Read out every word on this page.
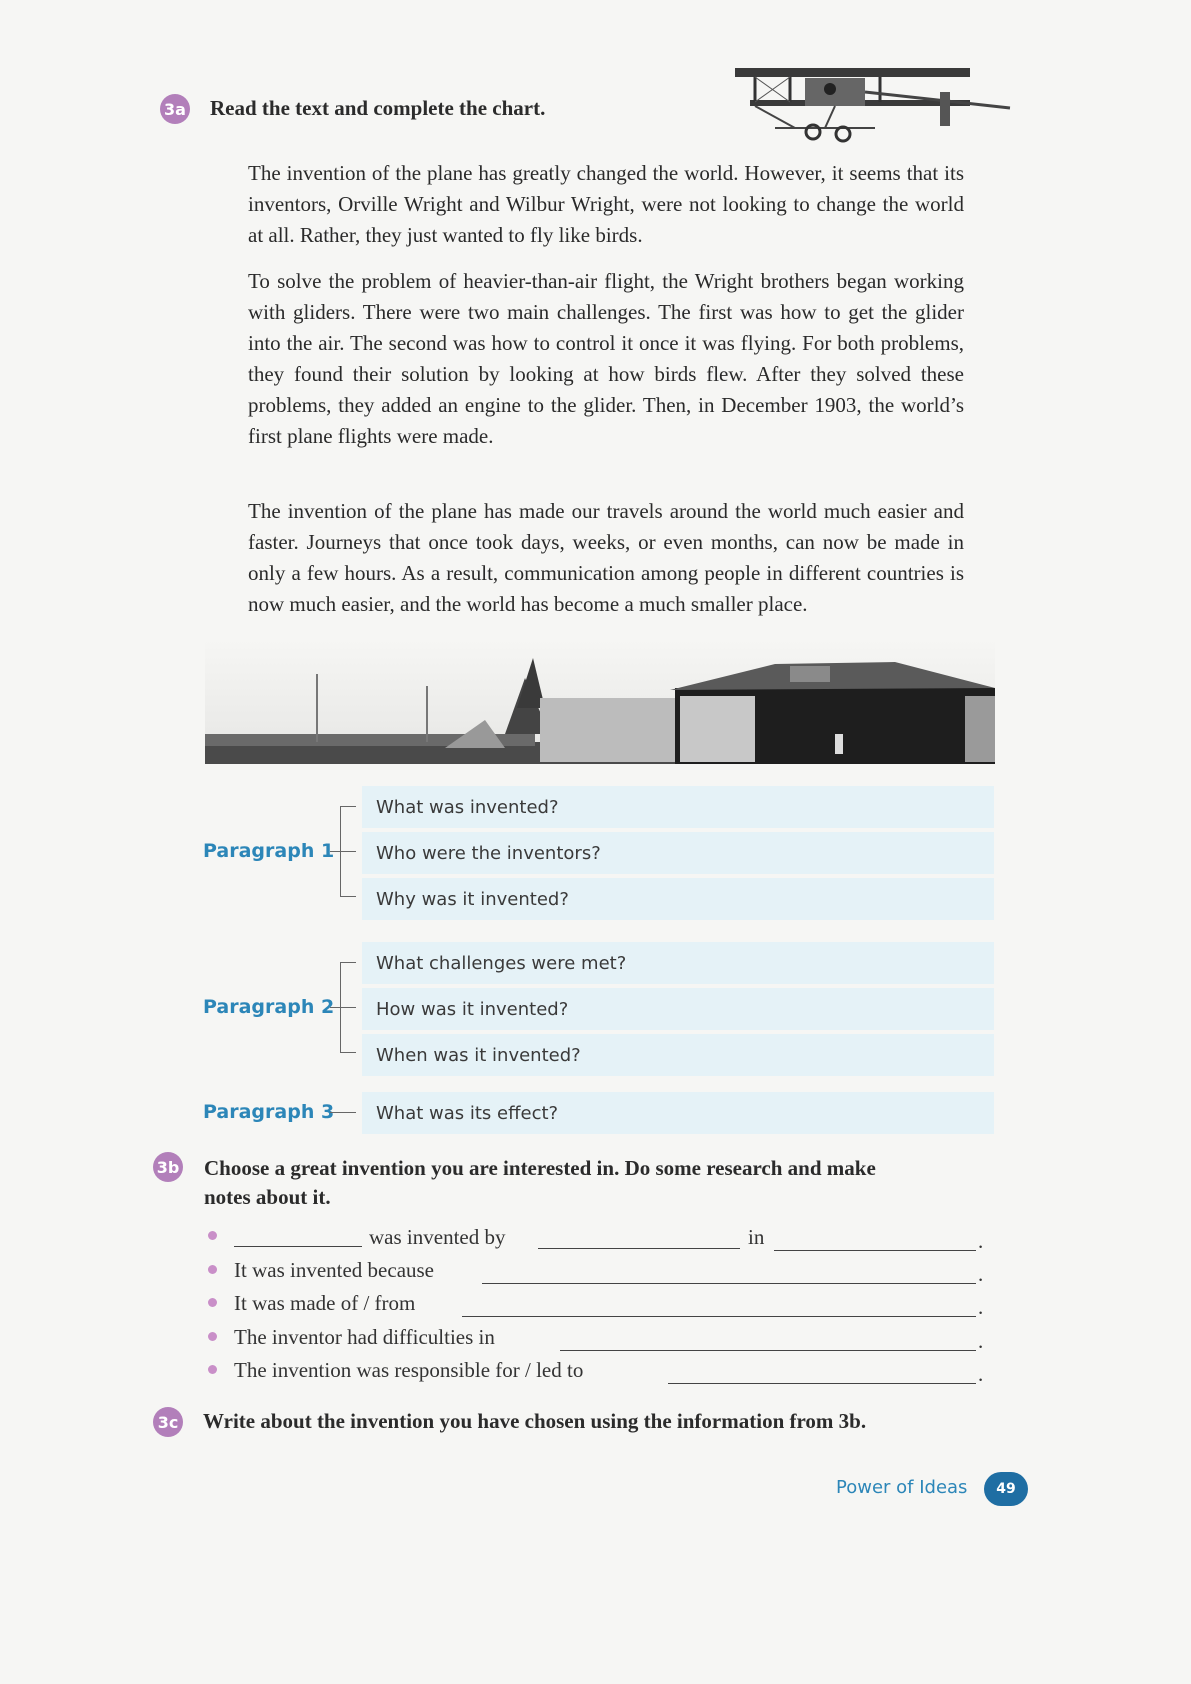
3a Read the text and complete the chart.

The invention of the plane has greatly changed the world. However, it seems that its inventors, Orville Wright and Wilbur Wright, were not looking to change the world at all. Rather, they just wanted to fly like birds.

To solve the problem of heavier-than-air flight, the Wright brothers began working with gliders. There were two main challenges. The first was how to get the glider into the air. The second was how to control it once it was flying. For both problems, they found their solution by looking at how birds flew. After they solved these problems, they added an engine to the glider. Then, in December 1903, the world’s first plane flights were made.

The invention of the plane has made our travels around the world much easier and faster. Journeys that once took days, weeks, or even months, can now be made in only a few hours. As a result, communication among people in different countries is now much easier, and the world has become a much smaller place.

Paragraph 1
What was invented?
Who were the inventors?
Why was it invented?
Paragraph 2
What challenges were met?
How was it invented?
When was it invented?
Paragraph 3 What was its effect?
3b Choose a great invention you are interested in. Do some research and make
notes about it.
was invented by	in	.
It was invented because	.
It was made of / from	.
The inventor had difficulties in	.
The invention was responsible for / led to	.
3c Write about the invention you have chosen using the information from 3b.
Power of Ideas	49
